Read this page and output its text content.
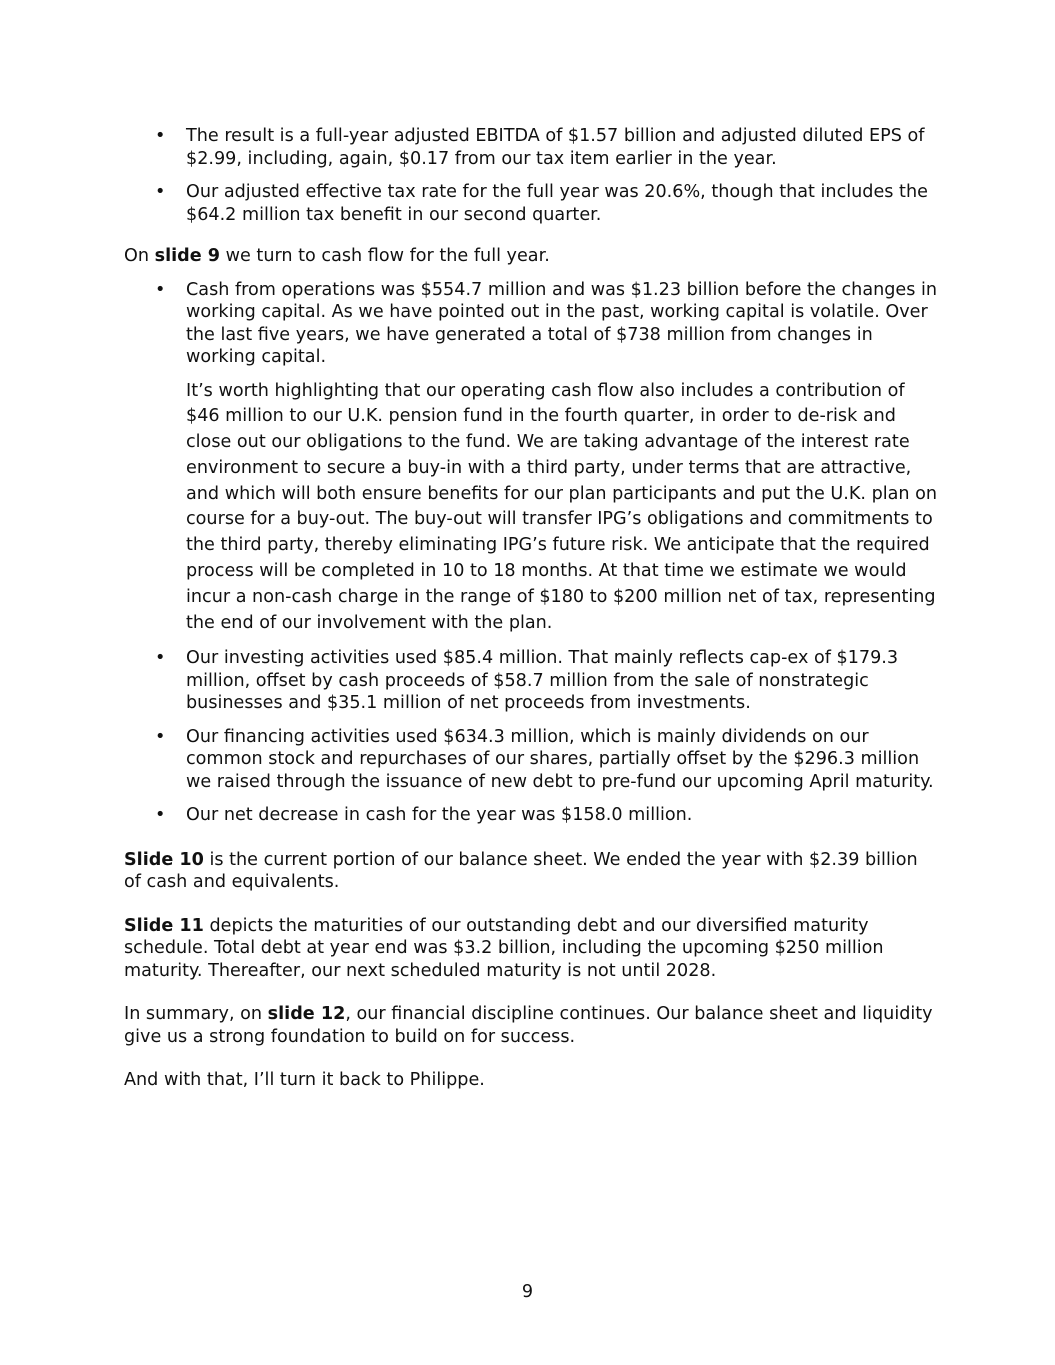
• The result is a full-year adjusted EBITDA of $1.57 billion and adjusted diluted EPS of $2.99, including, again, $0.17 from our tax item earlier in the year.
• Our adjusted effective tax rate for the full year was 20.6%, though that includes the $64.2 million tax benefit in our second quarter.
On slide 9 we turn to cash flow for the full year.
• Cash from operations was $554.7 million and was $1.23 billion before the changes in working capital. As we have pointed out in the past, working capital is volatile. Over the last five years, we have generated a total of $738 million from changes in working capital.
It’s worth highlighting that our operating cash flow also includes a contribution of $46 million to our U.K. pension fund in the fourth quarter, in order to de-risk and close out our obligations to the fund. We are taking advantage of the interest rate environment to secure a buy-in with a third party, under terms that are attractive, and which will both ensure benefits for our plan participants and put the U.K. plan on course for a buy-out. The buy-out will transfer IPG’s obligations and commitments to the third party, thereby eliminating IPG’s future risk. We anticipate that the required process will be completed in 10 to 18 months. At that time we estimate we would incur a non-cash charge in the range of $180 to $200 million net of tax, representing the end of our involvement with the plan.
• Our investing activities used $85.4 million. That mainly reflects cap-ex of $179.3 million, offset by cash proceeds of $58.7 million from the sale of nonstrategic businesses and $35.1 million of net proceeds from investments.
• Our financing activities used $634.3 million, which is mainly dividends on our common stock and repurchases of our shares, partially offset by the $296.3 million we raised through the issuance of new debt to pre-fund our upcoming April maturity.
• Our net decrease in cash for the year was $158.0 million.
Slide 10 is the current portion of our balance sheet. We ended the year with $2.39 billion of cash and equivalents.
Slide 11 depicts the maturities of our outstanding debt and our diversified maturity schedule. Total debt at year end was $3.2 billion, including the upcoming $250 million maturity. Thereafter, our next scheduled maturity is not until 2028.
In summary, on slide 12, our financial discipline continues. Our balance sheet and liquidity give us a strong foundation to build on for success.
And with that, I’ll turn it back to Philippe.
9
